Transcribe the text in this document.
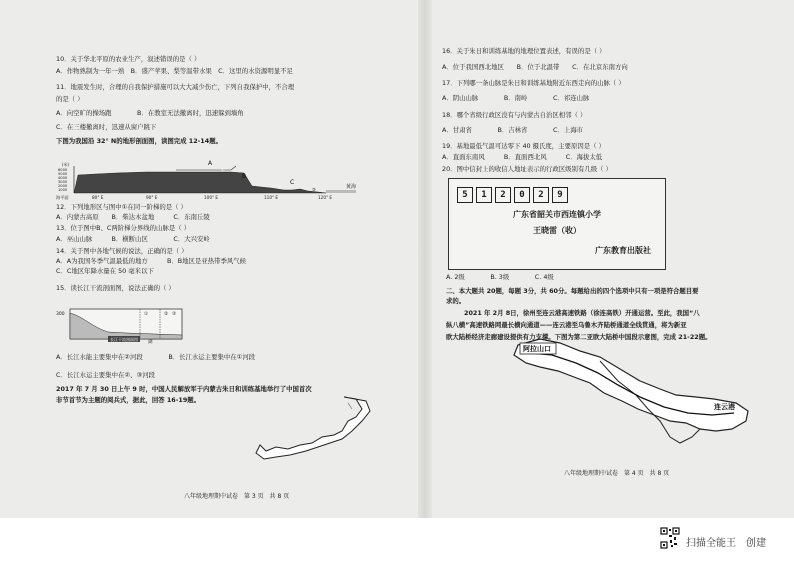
10．关于华北平原的农业生产，叙述错误的是（ ）
A．作物熟制为一年一熟　B．盛产苹果、梨等温带水果　C．这里的水资源明显不足
11．地震发生时，合理的自我保护措施可以大大减少伤亡，下列自我保护中，不合理
的是（ ）
A．向空旷的操场跑　　　　B．在教室无法撤离时，迅速躲到墙角
C．在三楼撤离时，迅速从窗户跳下
下图为我国沿 32° N的地形剖面图，读图完成 12-14题。
(米)
6000
5000
4000
3000
2000
1000
A
B
C
①
②	③	黄海
海平面	80° E	90° E	100° E	110° E	120° E
12．下列地形区与图中①在同一阶梯的是（ ）
A．内蒙古高原　　B．柴达木盆地　　　C．东南丘陵
13．位于图中B、C两阶梯分界线的山脉是（ ）
A．巫山山脉　　　B．横断山区　　　　C．大兴安岭
14．关于图中各地气候的说法，正确的是（ ）
A．A为我国冬季气温最低的地方　　　B．B地区是亚热带季风气候
C．C地区年降水量在 50 毫米以下
15．读长江干流剖面图，说法正确的（ ）
300	①	② ③
长江干流剖面图
湖
A．长江水能主要集中在②河段　　　　B．长江水运主要集中在①河段
C．长江水运主要集中在②、③河段
2017 年 7 月 30 日上午 9 时，中国人民解放军于内蒙古朱日和训练基地举行了中国首次
非节首节为主题的阅兵式，据此，回答 16-19题。
八年级地理期中试卷　第 3 页　共 8 页
16．关于朱日和训练基地的地理位置表述，有误的是（ ）
A．位于我国西北地区　　B．位于北温带　　C．在北京东南方向
17．下列哪一条山脉是朱日和训练基地附近东西走向的山脉（ ）
A．阴山山脉　　　　B．南岭　　　　C．祁连山脉
18．哪个省级行政区没有与内蒙古自治区相邻（ ）
A．甘肃省　　　　B．吉林省　　　　C．上海市
19．基地最低气温可达零下 40 摄氏度，主要原因是（ ）
A．直面东南风　　　B．直面西北风　　　C．海拔太低
20．图中信封上的收信人地址表示的行政区级别有几级（ ）
5	1	2	0	2	9
广东省韶关市西连镇小学
王晓雷（收）
广东教育出版社
A. 2级　　　　B. 3级　　　　C. 4级
二、本大题共 20题，每题 3分，共 60分。每题给出的四个选项中只有一项是符合题目要
求的。
2021 年 2月 8日，徐州至连云港高速铁路（徐连高铁）开通运营。至此，我国“八
纵八横”高速铁路网最长横向通道——连云港至乌鲁木齐陆桥通道全线贯通，将为新亚
欧大陆桥经济走廊建设提供有力支撑。下图为第二亚欧大陆桥中国段示意图，完成 21-22题。
阿拉山口
连云港
八年级地理期中试卷　第 4 页　共 8 页
扫描全能王　创建
